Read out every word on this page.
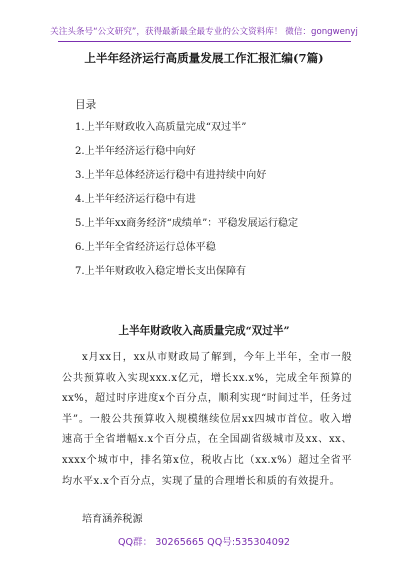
关注头条号“公文研究”，获得最新最全最专业的公文资料库！ 微信：gongwenyj
上半年经济运行高质量发展工作汇报汇编(7篇)
目录
1.上半年财政收入高质量完成“双过半”
2.上半年经济运行稳中向好
3.上半年总体经济运行稳中有进持续中向好
4.上半年经济运行稳中有进
5.上半年xx商务经济“成绩单”：平稳发展运行稳定
6.上半年全省经济运行总体平稳
7.上半年财政收入稳定增长支出保障有
上半年财政收入高质量完成“双过半”

x月xx日，xx从市财政局了解到，今年上半年，全市一般公共预算收入实现xxx.x亿元，增长xx.x%，完成全年预算的xx%，超过时序进度x个百分点，顺利实现“时间过半，任务过半”。一般公共预算收入规模继续位居xx四城市首位。收入增速高于全省增幅x.x个百分点，在全国副省级城市及xx、xx、xxxx个城市中，排名第x位，税收占比（xx.x%）超过全省平均水平x.x个百分点，实现了量的合理增长和质的有效提升。

培育涵养税源
QQ群： 30265665 QQ号:535304092
